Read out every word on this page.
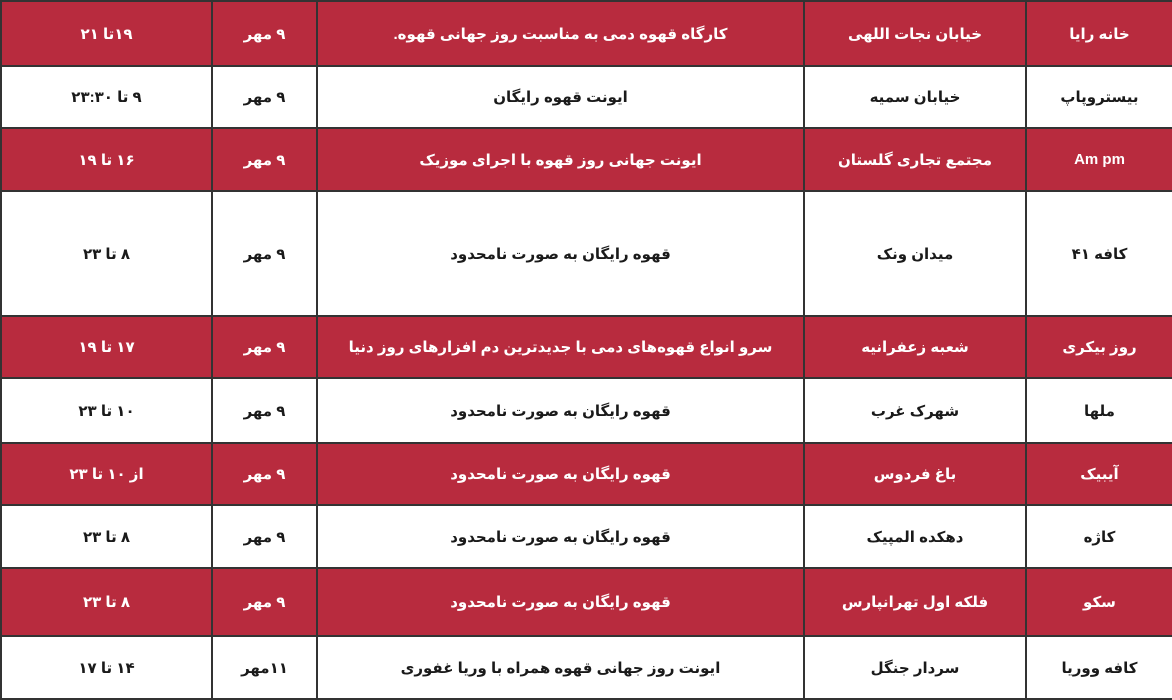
خانه رایا	خیابان نجات اللهی	کارگاه قهوه دمی به مناسبت روز جهانی قهوه.	۹ مهر	۱۹تا ۲۱
بیستروپاپ	خیابان سمیه	ایونت قهوه رایگان	۹ مهر	۹ تا ۲۳:۳۰
Am pm	مجتمع تجاری گلستان	ایونت جهانی روز قهوه با اجرای موزیک	۹ مهر	۱۶ تا ۱۹
کافه ۴۱	میدان ونک	قهوه رایگان به صورت نامحدود	۹ مهر	۸ تا ۲۳
روز بیکری	شعبه زعفرانیه	سرو انواع قهوه‌های دمی با جدیدترین دم افزارهای روز دنیا	۹ مهر	۱۷ تا ۱۹
ملها	شهرک غرب	قهوه رایگان به صورت نامحدود	۹ مهر	۱۰ تا ۲۳
آیبیک	باغ فردوس	قهوه رایگان به صورت نامحدود	۹ مهر	از ۱۰ تا ۲۳
کاژه	دهکده المپیک	قهوه رایگان به صورت نامحدود	۹ مهر	۸ تا ۲۳
سکو	فلکه اول تهرانپارس	قهوه رایگان به صورت نامحدود	۹ مهر	۸ تا ۲۳
کافه ووریا	سردار جنگل	ایونت روز جهانی قهوه همراه با وریا غفوری	۱۱مهر	۱۴ تا ۱۷
